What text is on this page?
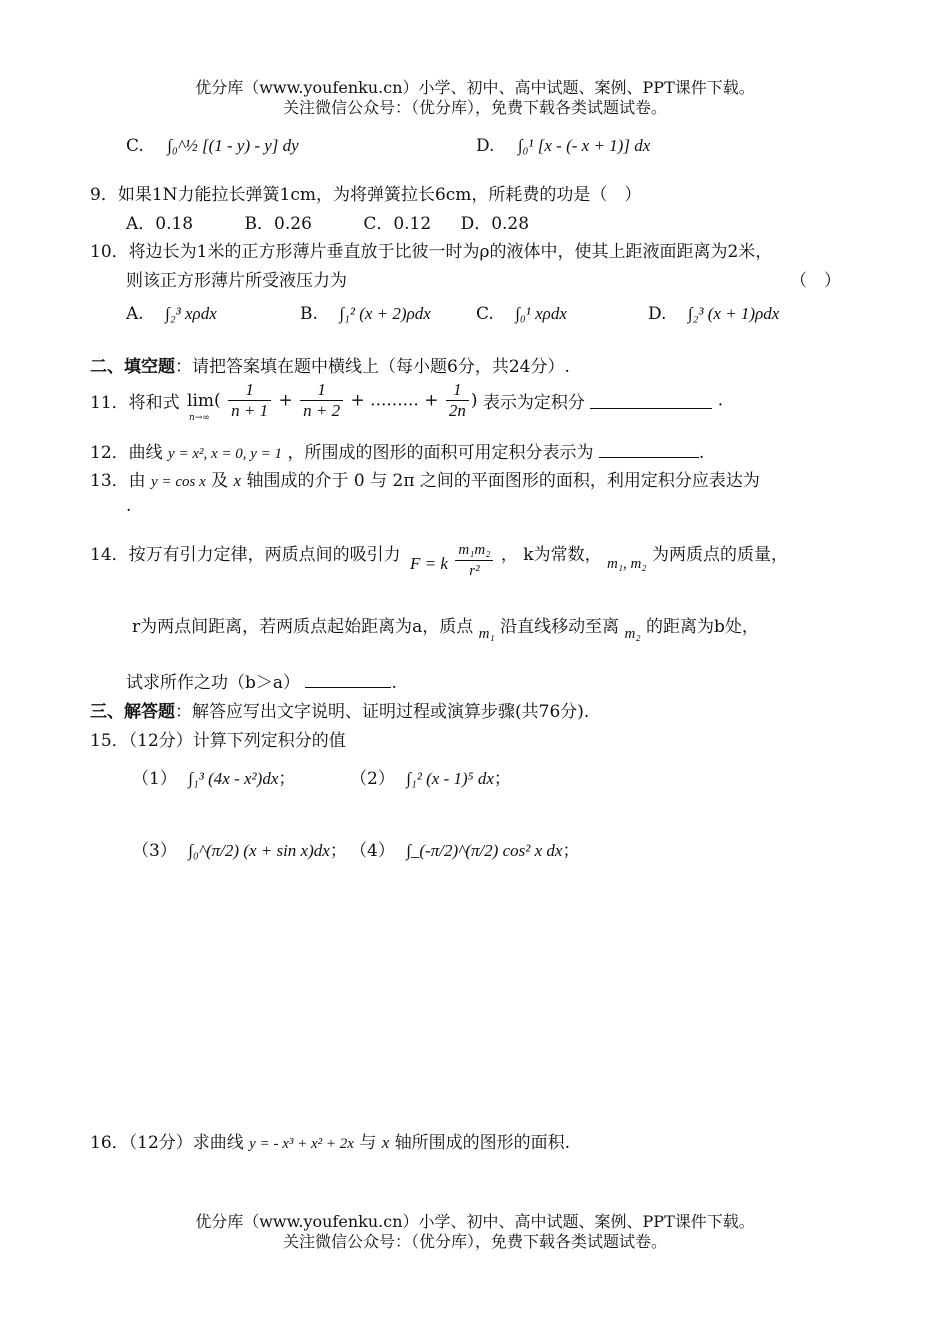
优分库（www.youfenku.cn）小学、初中、高中试题、案例、PPT课件下载。
关注微信公众号：（优分库），免费下载各类试题试卷。
C. ∫₀^½ [(1 - y) - y] dy	D. ∫₀¹ [x - (- x + 1)] dx
9．如果1N力能拉长弹簧1cm，为将弹簧拉长6cm，所耗费的功是（　）
A．0.18	B．0.26	C．0.12 D．0.28
10．将边长为1米的正方形薄片垂直放于比彼一时为ρ的液体中，使其上距液面距离为2米，
则该正方形薄片所受液压力为	（　）
A. ∫₂³ xρdx	B. ∫₁² (x + 2)ρdx	C. ∫₀¹ xρdx	D. ∫₂³ (x + 1)ρdx
二、填空题：请把答案填在题中横线上（每小题6分，共24分）.
11．将和式 lim
n→∞
( $\frac{1}{n + 1} + \frac{1}{n + 2}$ + ......... + $\frac{1}{2n}$ ) 表示为定积分	.
12．曲线 y = x², x = 0, y = 1 ，所围成的图形的面积可用定积分表示为	.
13．由 y = cos x 及 x 轴围成的介于 0 与 2π 之间的平面图形的面积，利用定积分应表达为
.
14．按万有引力定律，两质点间的吸引力 F = k $\frac{\text{m₁m₂}}{\text{r²}}$ ， k为常数， m₁, m₂ 为两质点的质量，
r为两点间距离，若两质点起始距离为a，质点 m₁ 沿直线移动至离 m₂ 的距离为b处，
试求所作之功（b＞a）	.
三、解答题：解答应写出文字说明、证明过程或演算步骤(共76分).
15．（12分）计算下列定积分的值
（1） ∫₁³ (4x - x²)dx；	（2） ∫₁² (x - 1)⁵ dx；
（3） ∫₀^(π/2) (x + sin x)dx； （4） ∫_(-π/2)^(π/2) cos² x dx；
16．（12分）求曲线 y = - x³ + x² + 2x 与 x 轴所围成的图形的面积.
优分库（www.youfenku.cn）小学、初中、高中试题、案例、PPT课件下载。
关注微信公众号：（优分库），免费下载各类试题试卷。
